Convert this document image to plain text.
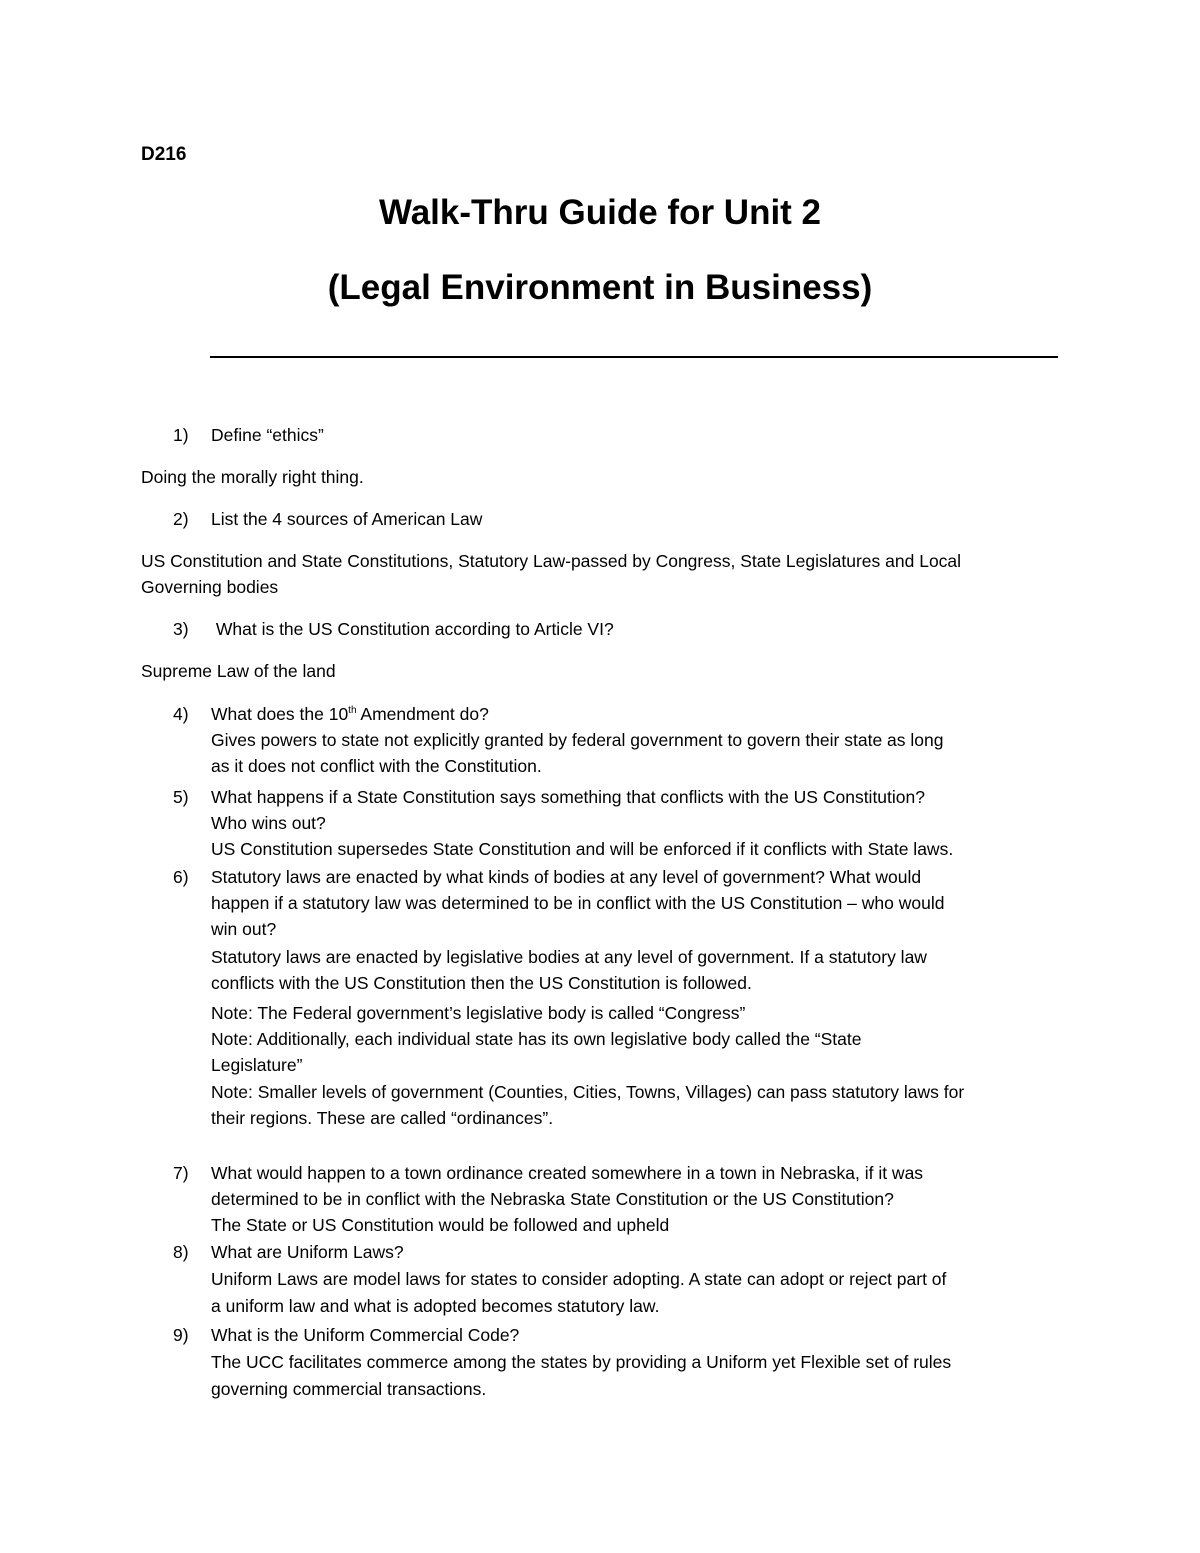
D216
Walk-Thru Guide for Unit 2
(Legal Environment in Business)
1) Define “ethics”
Doing the morally right thing.
2) List the 4 sources of American Law
US Constitution and State Constitutions, Statutory Law-passed by Congress, State Legislatures and Local
Governing bodies
3) What is the US Constitution according to Article VI?
Supreme Law of the land
4) What does the 10th Amendment do?
Gives powers to state not explicitly granted by federal government to govern their state as long
as it does not conflict with the Constitution.
5) What happens if a State Constitution says something that conflicts with the US Constitution?
Who wins out?
US Constitution supersedes State Constitution and will be enforced if it conflicts with State laws.
6) Statutory laws are enacted by what kinds of bodies at any level of government? What would
happen if a statutory law was determined to be in conflict with the US Constitution – who would
win out?
Statutory laws are enacted by legislative bodies at any level of government. If a statutory law
conflicts with the US Constitution then the US Constitution is followed.
Note: The Federal government’s legislative body is called “Congress”
Note: Additionally, each individual state has its own legislative body called the “State
Legislature”
Note: Smaller levels of government (Counties, Cities, Towns, Villages) can pass statutory laws for
their regions. These are called “ordinances”.
7) What would happen to a town ordinance created somewhere in a town in Nebraska, if it was
determined to be in conflict with the Nebraska State Constitution or the US Constitution?
The State or US Constitution would be followed and upheld
8) What are Uniform Laws?
Uniform Laws are model laws for states to consider adopting. A state can adopt or reject part of
a uniform law and what is adopted becomes statutory law.
9) What is the Uniform Commercial Code?
The UCC facilitates commerce among the states by providing a Uniform yet Flexible set of rules
governing commercial transactions.
